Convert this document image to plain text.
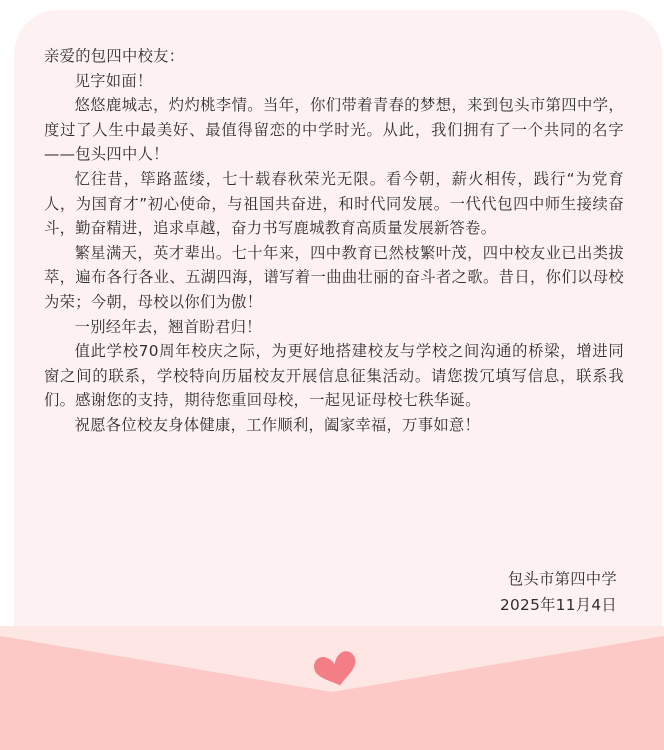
亲爱的包四中校友：

见字如面！

悠悠鹿城志，灼灼桃李情。当年，你们带着青春的梦想，来到包头市第四中学，度过了人生中最美好、最值得留恋的中学时光。从此，我们拥有了一个共同的名字——包头四中人！

忆往昔，筚路蓝缕，七十载春秋荣光无限。看今朝，薪火相传，践行“为党育人，为国育才”初心使命，与祖国共奋进，和时代同发展。一代代包四中师生接续奋斗，勤奋精进，追求卓越，奋力书写鹿城教育高质量发展新答卷。

繁星满天，英才辈出。七十年来，四中教育已然枝繁叶茂，四中校友业已出类拔萃，遍布各行各业、五湖四海，谱写着一曲曲壮丽的奋斗者之歌。昔日，你们以母校为荣；今朝，母校以你们为傲！

一别经年去，翘首盼君归！

值此学校70周年校庆之际，为更好地搭建校友与学校之间沟通的桥梁，增进同窗之间的联系，学校特向历届校友开展信息征集活动。请您拨冗填写信息，联系我们。感谢您的支持，期待您重回母校，一起见证母校七秩华诞。

祝愿各位校友身体健康，工作顺利，阖家幸福，万事如意！

包头市第四中学
2025年11月4日
